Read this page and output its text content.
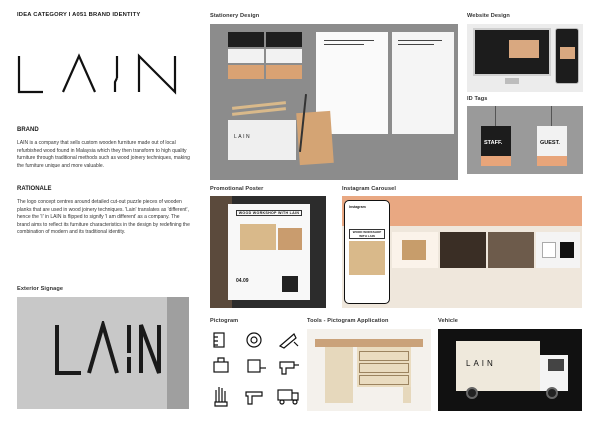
IDEA CATEGORY I A051 BRAND IDENTITY
BRAND
LAIN is a company that sells custom wooden furniture made out of local refurbished wood found in Malaysia which they then transform to high quality furniture through traditional methods such as wood joinery techniques, making the furniture unique and more valuable.
RATIONALE
The logo concept centres around detailed cut-out puzzle pieces of wooden planks that are used in wood joinery techniques. 'Lain' translates as 'different', hence the 'I' in LAIN is flipped to signify 'I am different' as a company. The brand aims to reflect its furniture characteristics in the design by redefining the combination of modern and its traditional identity.
Stationery Design
LAIN
Website Design
ID Tags
STAFF.	GUEST.
Promotional Poster
WOOD WORKSHOP WITH LAIN
04.09
Instagram Carousel
Instagram
WOOD WORKSHOP WITH LAIN
Exterior Signage
Pictogram	Tools - Pictogram Application	Vehicle
LAIN
